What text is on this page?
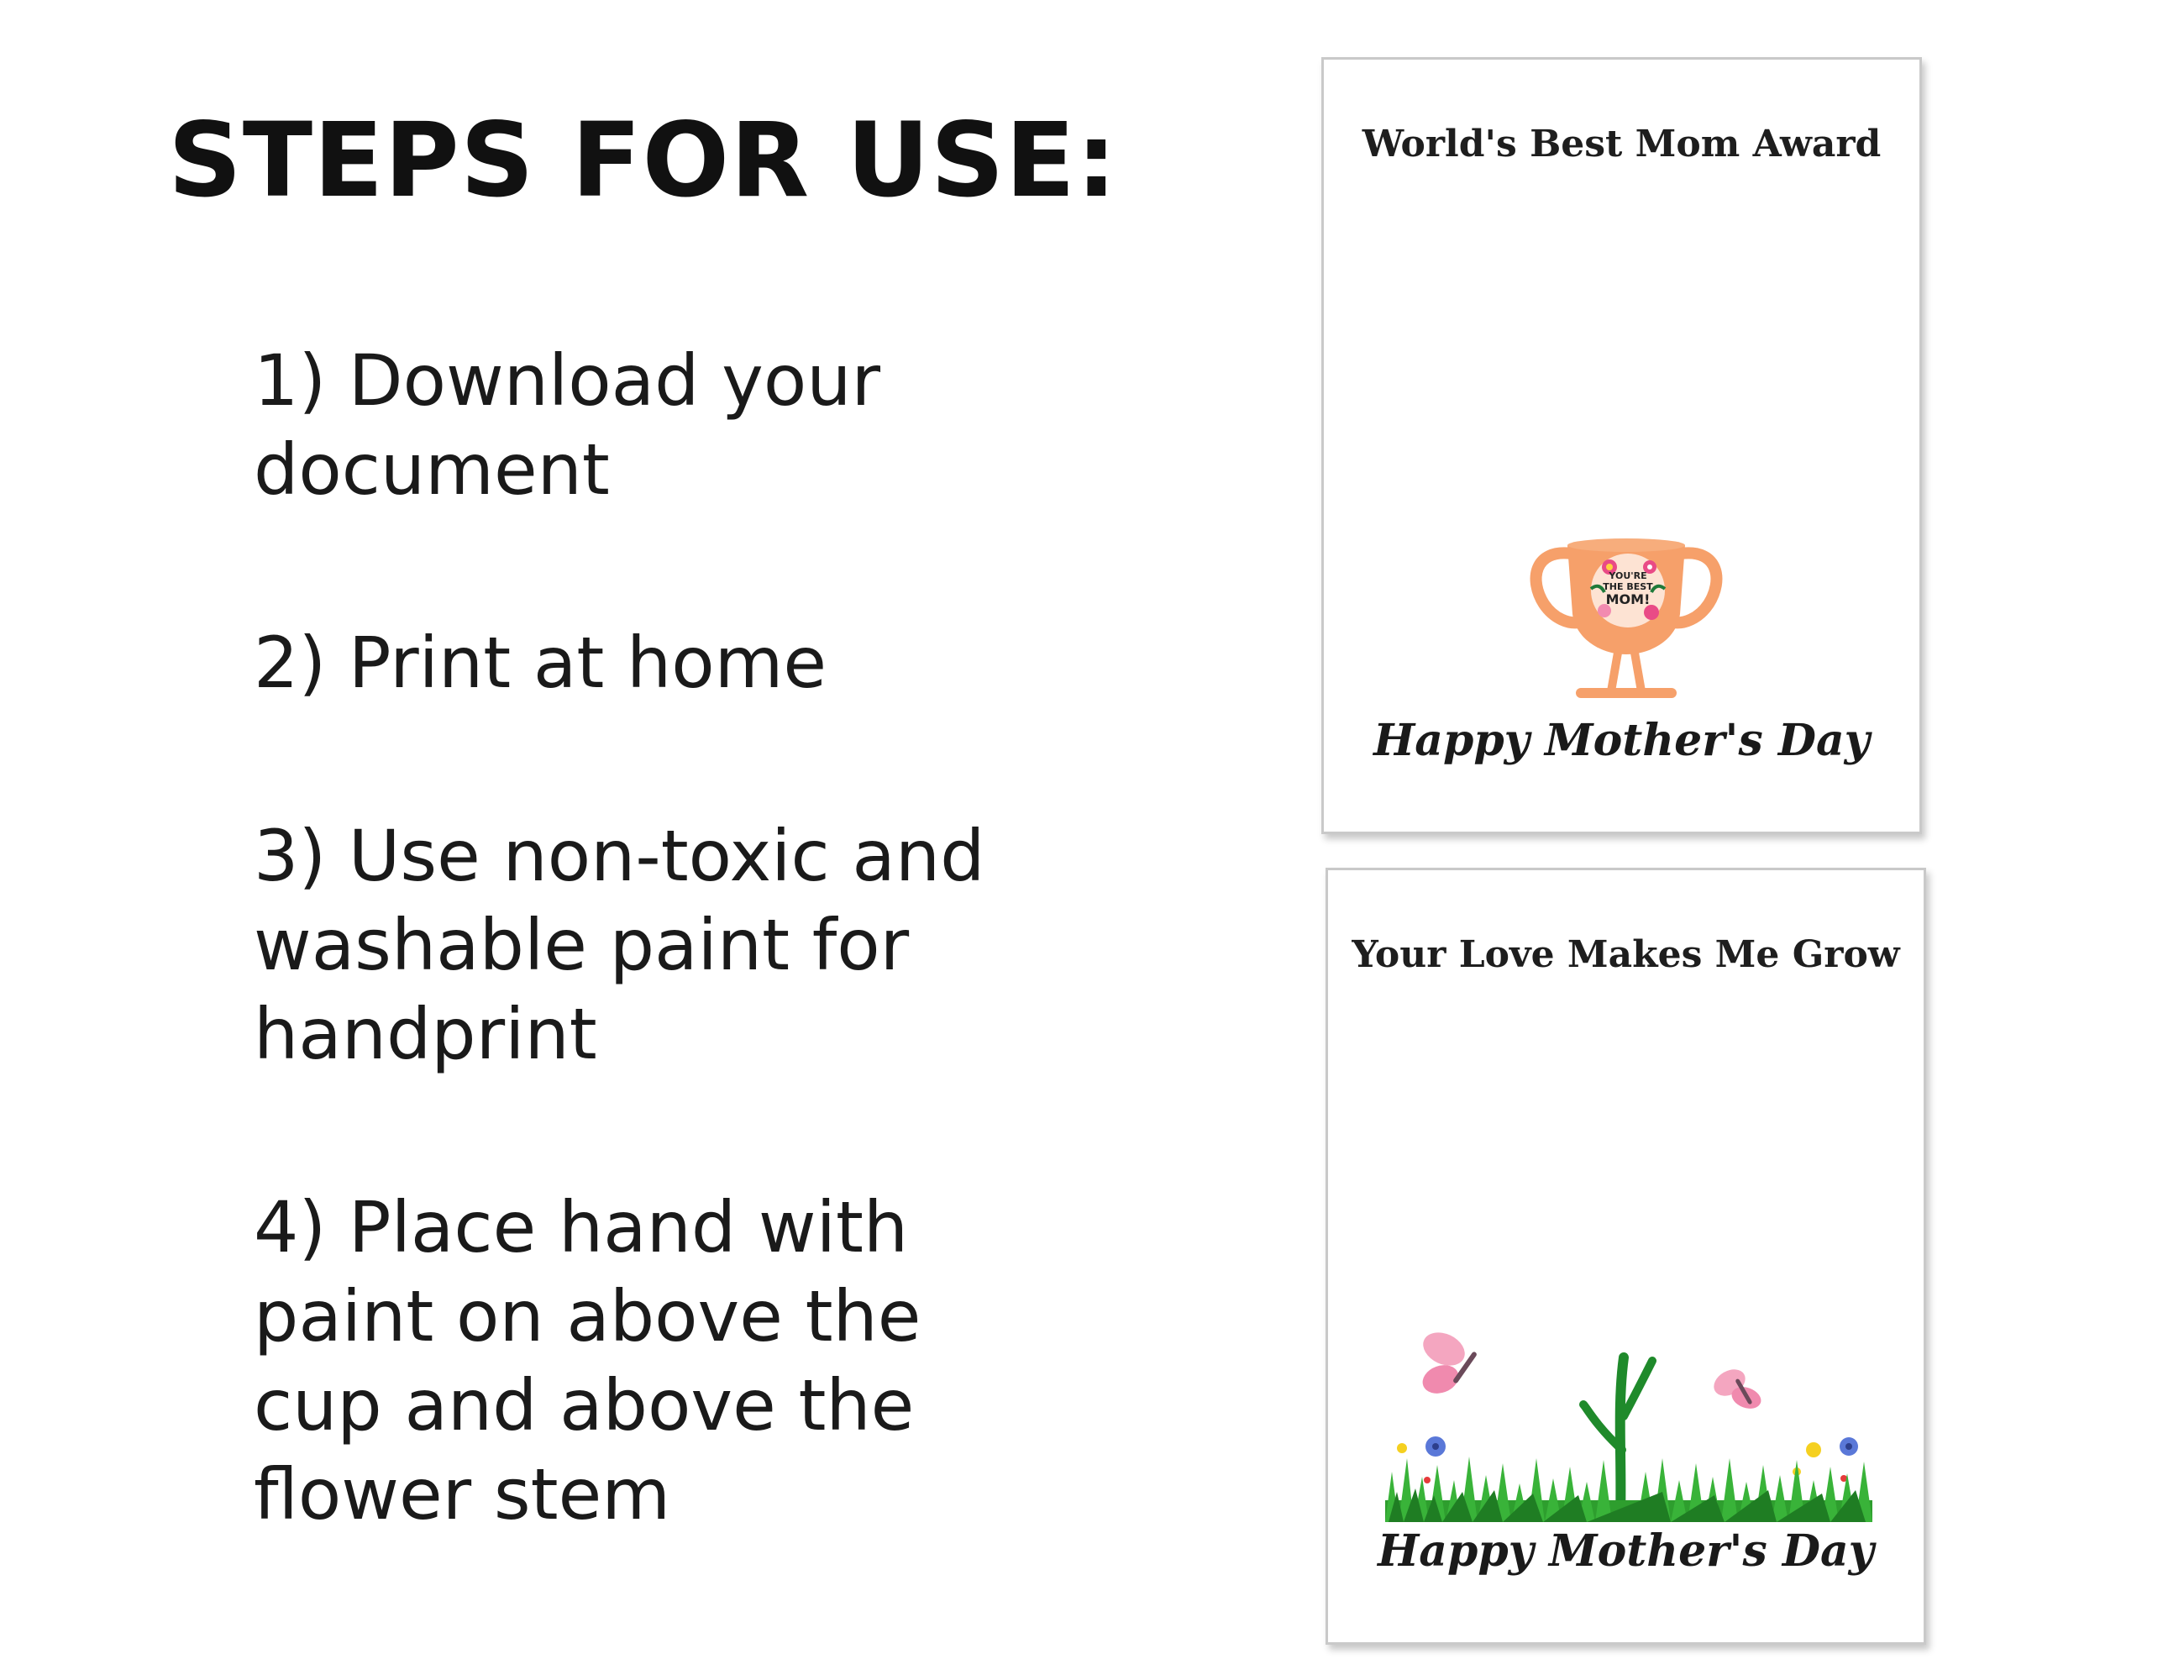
STEPS FOR USE:
1) Download your document
2) Print at home
3) Use non-toxic and washable paint for handprint
4) Place hand with paint on above the cup and above the flower stem
World's Best Mom Award
YOU'RE
THE BEST
MOM!
Happy Mother's Day
Your Love Makes Me Grow
Happy Mother's Day
